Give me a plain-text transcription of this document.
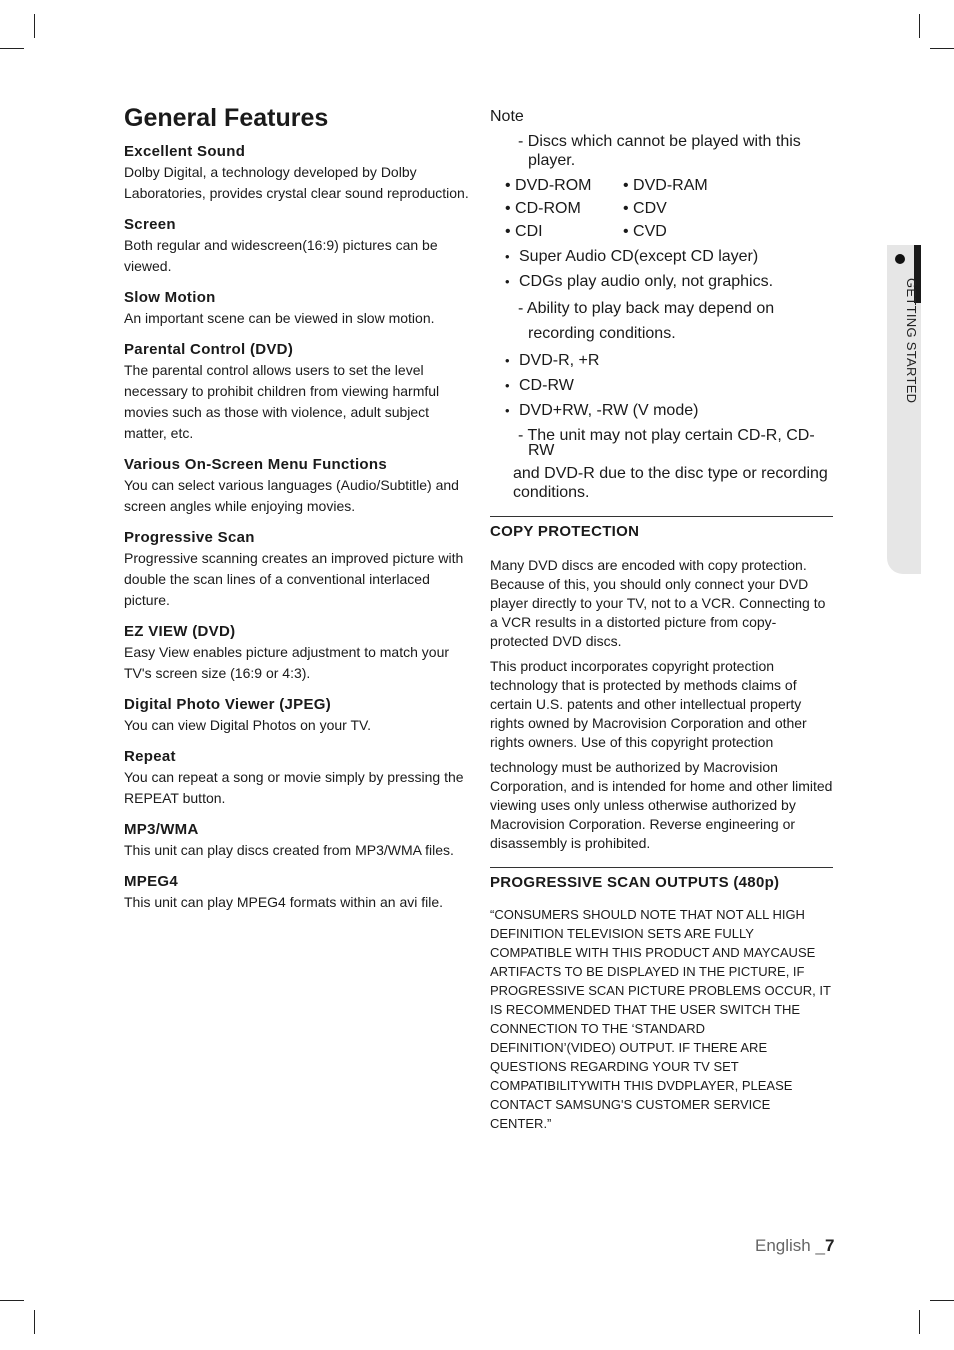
General Features

Excellent Sound

Dolby Digital, a technology developed by Dolby Laboratories, provides crystal clear sound reproduction.

Screen

Both regular and widescreen(16:9) pictures can be viewed.

Slow Motion

An important scene can be viewed in slow motion.

Parental Control (DVD)

The parental control allows users to set the level necessary to prohibit children from viewing harmful movies such as those with violence, adult subject matter, etc.

Various On-Screen Menu Functions

You can select various languages (Audio/Subtitle) and screen angles while enjoying movies.

Progressive Scan

Progressive scanning creates an improved picture with double the scan lines of a conventional interlaced picture.

EZ VIEW (DVD)

Easy View enables picture adjustment to match your TV's screen size (16:9 or 4:3).

Digital Photo Viewer (JPEG)

You can view Digital Photos on your TV.

Repeat

You can repeat a song or movie simply by pressing the REPEAT button.

MP3/WMA

This unit can play discs created from MP3/WMA files.

MPEG4

This unit can play MPEG4 formats within an avi file.

Note

- Discs which cannot be played with this player.

• DVD-ROM	• DVD-RAM
• CD-ROM	• CDV
• CDI	• CVD

• Super Audio CD(except CD layer)

• CDGs play audio only, not graphics.

- Ability to play back may depend on recording conditions.

• DVD-R, +R

• CD-RW

• DVD+RW, -RW (V mode)

- The unit may not play certain CD-R, CD-RW

and DVD-R due to the disc type or recording conditions.

COPY PROTECTION

Many DVD discs are encoded with copy protection. Because of this, you should only connect your DVD player directly to your TV, not to a VCR. Connecting to a VCR results in a distorted picture from copy-protected DVD discs.

This product incorporates copyright protection technology that is protected by methods claims of certain U.S. patents and other intellectual property rights owned by Macrovision Corporation and other rights owners. Use of this copyright protection

technology must be authorized by Macrovision Corporation, and is intended for home and other limited viewing uses only unless otherwise authorized by Macrovision Corporation. Reverse engineering or disassembly is prohibited.

PROGRESSIVE SCAN OUTPUTS (480p)

“CONSUMERS SHOULD NOTE THAT NOT ALL HIGH DEFINITION TELEVISION SETS ARE FULLY COMPATIBLE WITH THIS PRODUCT AND MAYCAUSE ARTIFACTS TO BE DISPLAYED IN THE PICTURE, IF PROGRESSIVE SCAN PICTURE PROBLEMS OCCUR, IT IS RECOMMENDED THAT THE USER SWITCH THE CONNECTION TO THE ‘STANDARD DEFINITION’(VIDEO) OUTPUT. IF THERE ARE QUESTIONS REGARDING YOUR TV SET COMPATIBILITYWITH THIS DVDPLAYER, PLEASE CONTACT SAMSUNG'S CUSTOMER SERVICE CENTER.”

GETTING STARTED
English _7
